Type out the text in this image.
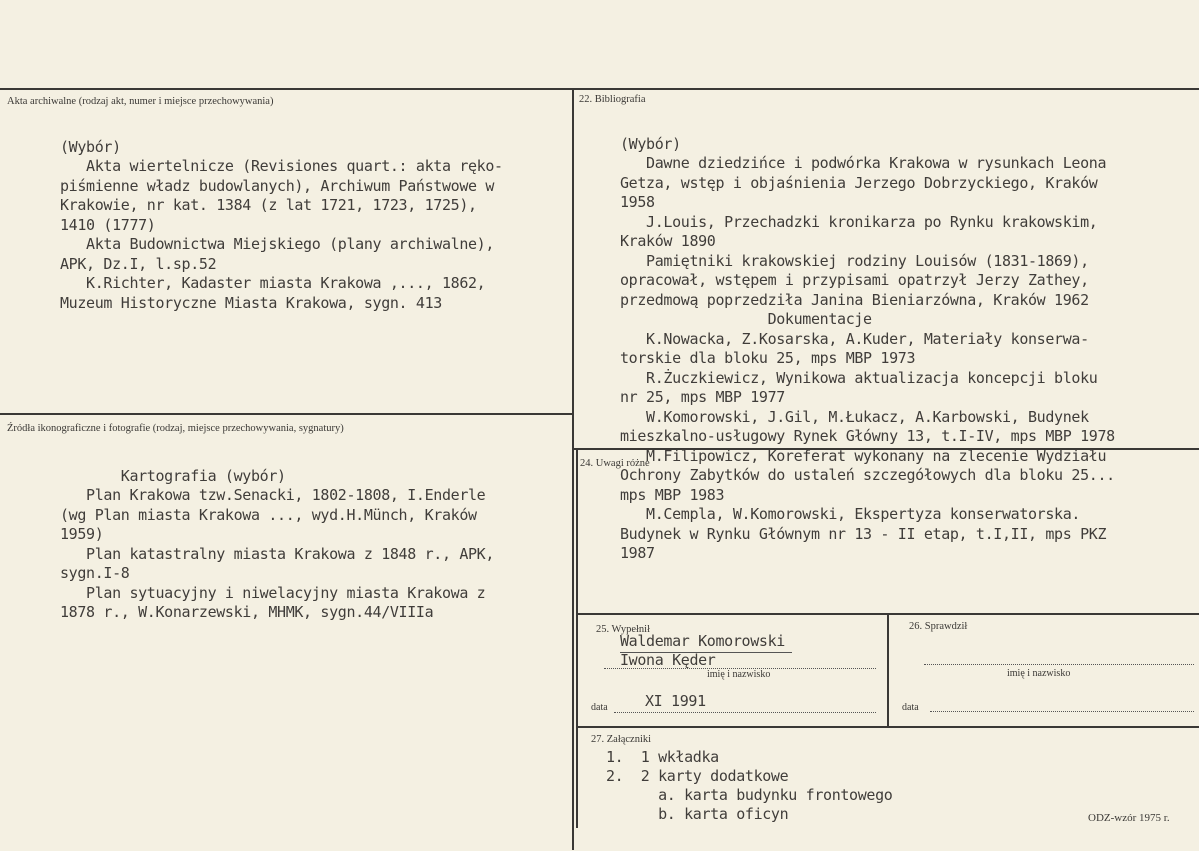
Akta archiwalne (rodzaj akt, numer i miejsce przechowywania)

(Wybór)
Akta wiertelnicze (Revisiones quart.: akta ręko-
piśmienne władz budowlanych), Archiwum Państwowe w
Krakowie, nr kat. 1384 (z lat 1721, 1723, 1725),
1410 (1777)
Akta Budownictwa Miejskiego (plany archiwalne),
APK, Dz.I, l.sp.52
K.Richter, Kadaster miasta Krakowa ,..., 1862,
Muzeum Historyczne Miasta Krakowa, sygn. 413
Źródła ikonograficzne i fotografie (rodzaj, miejsce przechowywania, sygnatury)

Kartografia (wybór)
Plan Krakowa tzw.Senacki, 1802-1808, I.Enderle
(wg Plan miasta Krakowa ..., wyd.H.Münch, Kraków
1959)
Plan katastralny miasta Krakowa z 1848 r., APK,
sygn.I-8
Plan sytuacyjny i niwelacyjny miasta Krakowa z
1878 r., W.Konarzewski, MHMK, sygn.44/VIIIa
22. Bibliografia

(Wybór)
Dawne dziedzińce i podwórka Krakowa w rysunkach Leona
Getza, wstęp i objaśnienia Jerzego Dobrzyckiego, Kraków
1958
J.Louis, Przechadzki kronikarza po Rynku krakowskim,
Kraków 1890
Pamiętniki krakowskiej rodziny Louisów (1831-1869),
opracował, wstępem i przypisami opatrzył Jerzy Zathey,
przedmową poprzedziła Janina Bieniarzówna, Kraków 1962
Dokumentacje
K.Nowacka, Z.Kosarska, A.Kuder, Materiały konserwa-
torskie dla bloku 25, mps MBP 1973
R.Żuczkiewicz, Wynikowa aktualizacja koncepcji bloku
nr 25, mps MBP 1977
W.Komorowski, J.Gil, M.Łukacz, A.Karbowski, Budynek
mieszkalno-usługowy Rynek Główny 13, t.I-IV, mps MBP 1978
M.Filipowicz, Koreferat wykonany na zlecenie Wydziału
Ochrony Zabytków do ustaleń szczegółowych dla bloku 25...
mps MBP 1983
M.Cempla, W.Komorowski, Ekspertyza konserwatorska.
Budynek w Rynku Głównym nr 13 - II etap, t.I,II, mps PKZ
1987
24. Uwagi różne
25. Wypełnił
Waldemar Komorowski
Iwona Kęder
imię i nazwisko
data XI 1991
26. Sprawdził
imię i nazwisko
data
27. Załączniki

1.  1 wkładka
2.  2 karty dodatkowe
a. karta budynku frontowego
b. karta oficyn	ODZ-wzór 1975 r.
